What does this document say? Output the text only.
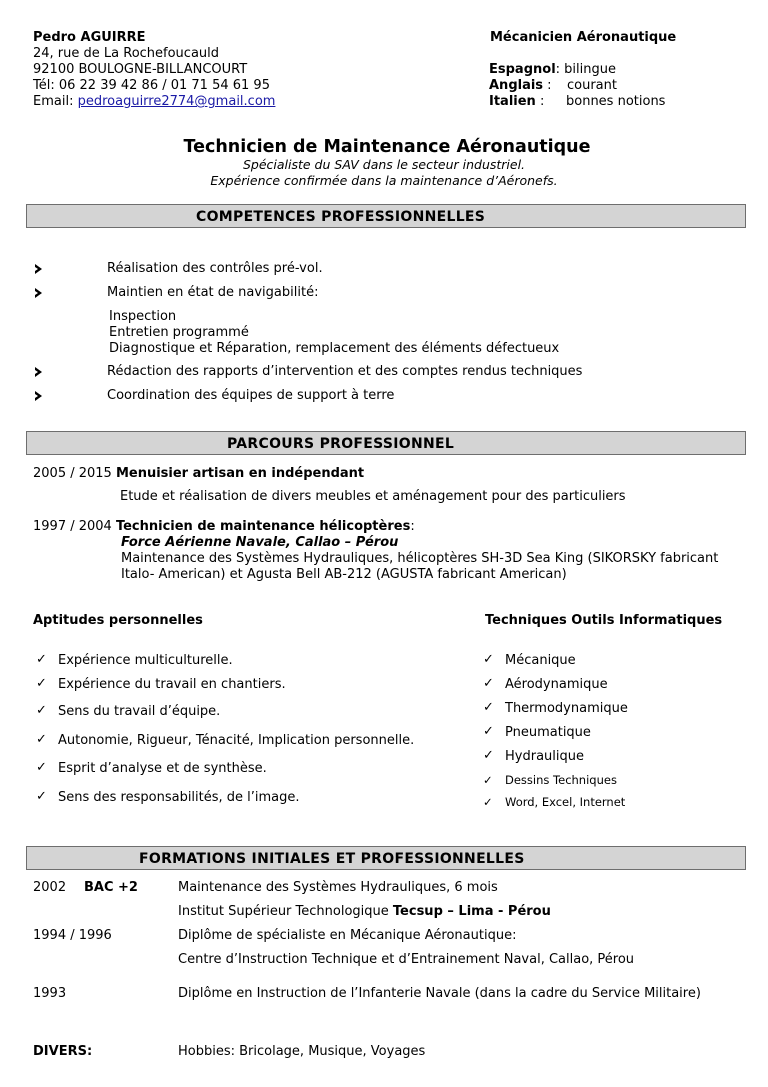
Pedro AGUIRRE
24, rue de La Rochefoucauld
92100 BOULOGNE-BILLANCOURT
Tél: 06 22 39 42 86 / 01 71 54 61 95
Email: pedroaguirre2774@gmail.com
Mécanicien Aéronautique
Espagnol: bilingue
Anglais : courant
Italien : bonnes notions
Technicien de Maintenance Aéronautique
Spécialiste du SAV dans le secteur industriel.
Expérience confirmée dans la maintenance d’Aéronefs.
COMPETENCES PROFESSIONNELLES
Réalisation des contrôles pré-vol.
Maintien en état de navigabilité:
Inspection
Entretien programmé
Diagnostique et Réparation, remplacement des éléments défectueux
Rédaction des rapports d’intervention et des comptes rendus techniques
Coordination des équipes de support à terre
PARCOURS PROFESSIONNEL
2005 / 2015 Menuisier artisan en indépendant
Etude et réalisation de divers meubles et aménagement pour des particuliers
1997 / 2004 Technicien de maintenance hélicoptères:
Force Aérienne Navale, Callao – Pérou
Maintenance des Systèmes Hydrauliques, hélicoptères SH-3D Sea King (SIKORSKY fabricant
Italo- American) et Agusta Bell AB-212 (AGUSTA fabricant American)
Aptitudes personnelles	Techniques Outils Informatiques
✓ Expérience multiculturelle.
✓ Expérience du travail en chantiers.
✓ Sens du travail d’équipe.
✓ Autonomie, Rigueur, Ténacité, Implication personnelle.
✓ Esprit d’analyse et de synthèse.
✓ Sens des responsabilités, de l’image.
✓ Mécanique
✓ Aérodynamique
✓ Thermodynamique
✓ Pneumatique
✓ Hydraulique
✓ Dessins Techniques
✓ Word, Excel, Internet
FORMATIONS INITIALES ET PROFESSIONNELLES
2002 BAC +2	Maintenance des Systèmes Hydrauliques, 6 mois
Institut Supérieur Technologique Tecsup – Lima - Pérou
1994 / 1996	Diplôme de spécialiste en Mécanique Aéronautique:
Centre d’Instruction Technique et d’Entrainement Naval, Callao, Pérou
1993	Diplôme en Instruction de l’Infanterie Navale (dans la cadre du Service Militaire)
DIVERS:	Hobbies: Bricolage, Musique, Voyages
